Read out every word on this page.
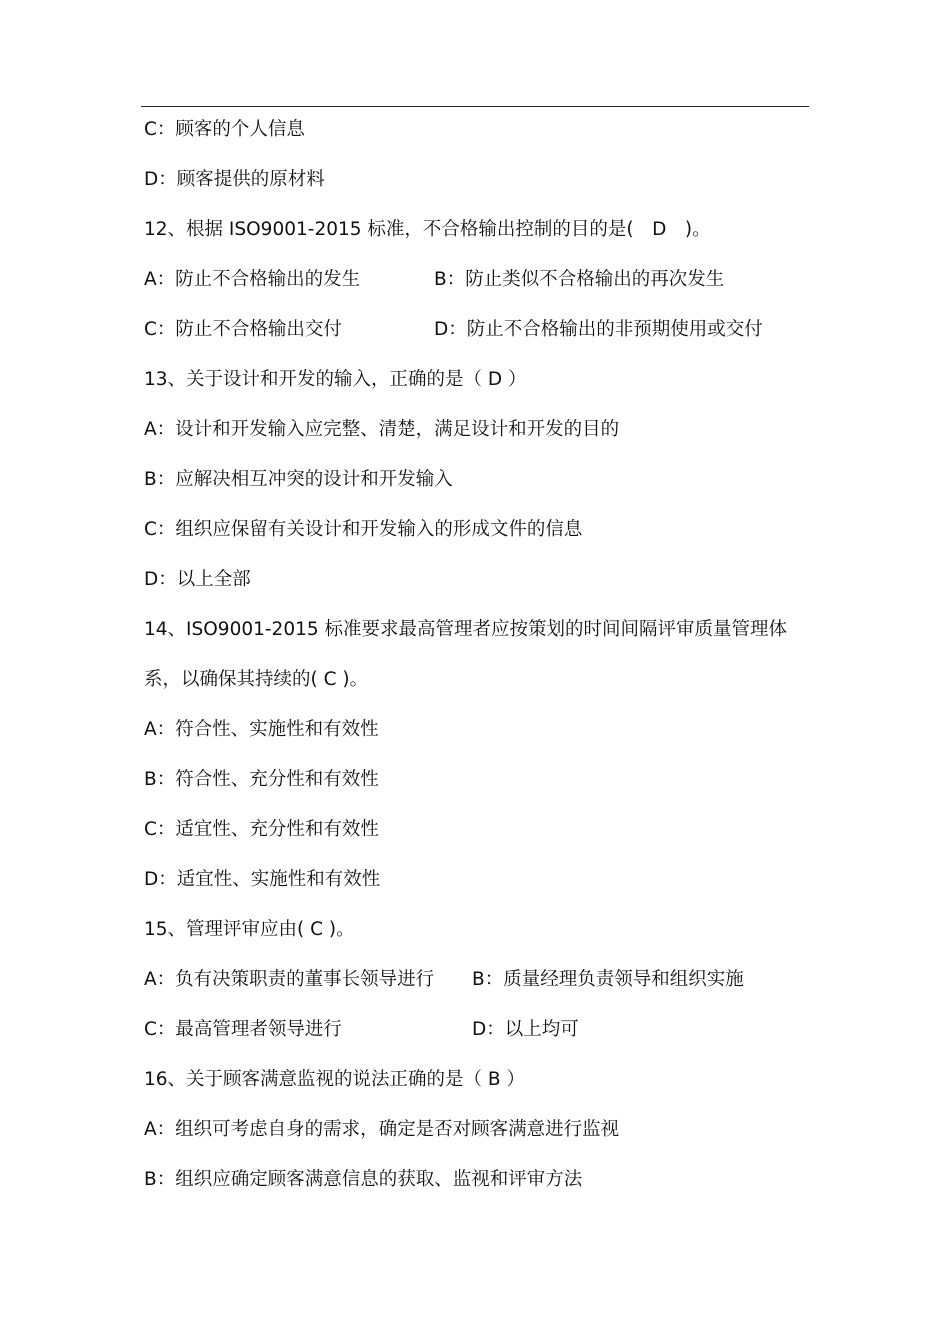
C：顾客的个人信息
D：顾客提供的原材料
12、根据 ISO9001-2015 标准，不合格输出控制的目的是(　D　)。
A：防止不合格输出的发生	B：防止类似不合格输出的再次发生
C：防止不合格输出交付	D：防止不合格输出的非预期使用或交付
13、关于设计和开发的输入，正确的是（ D ）
A：设计和开发输入应完整、清楚，满足设计和开发的目的
B：应解决相互冲突的设计和开发输入
C：组织应保留有关设计和开发输入的形成文件的信息
D：以上全部
14、ISO9001-2015 标准要求最高管理者应按策划的时间间隔评审质量管理体
系，以确保其持续的( C )。
A：符合性、实施性和有效性
B：符合性、充分性和有效性
C：适宜性、充分性和有效性
D：适宜性、实施性和有效性
15、管理评审应由( C )。
A：负有决策职责的董事长领导进行 B：质量经理负责领导和组织实施
C：最高管理者领导进行	D：以上均可
16、关于顾客满意监视的说法正确的是（ B ）
A：组织可考虑自身的需求，确定是否对顾客满意进行监视
B：组织应确定顾客满意信息的获取、监视和评审方法
